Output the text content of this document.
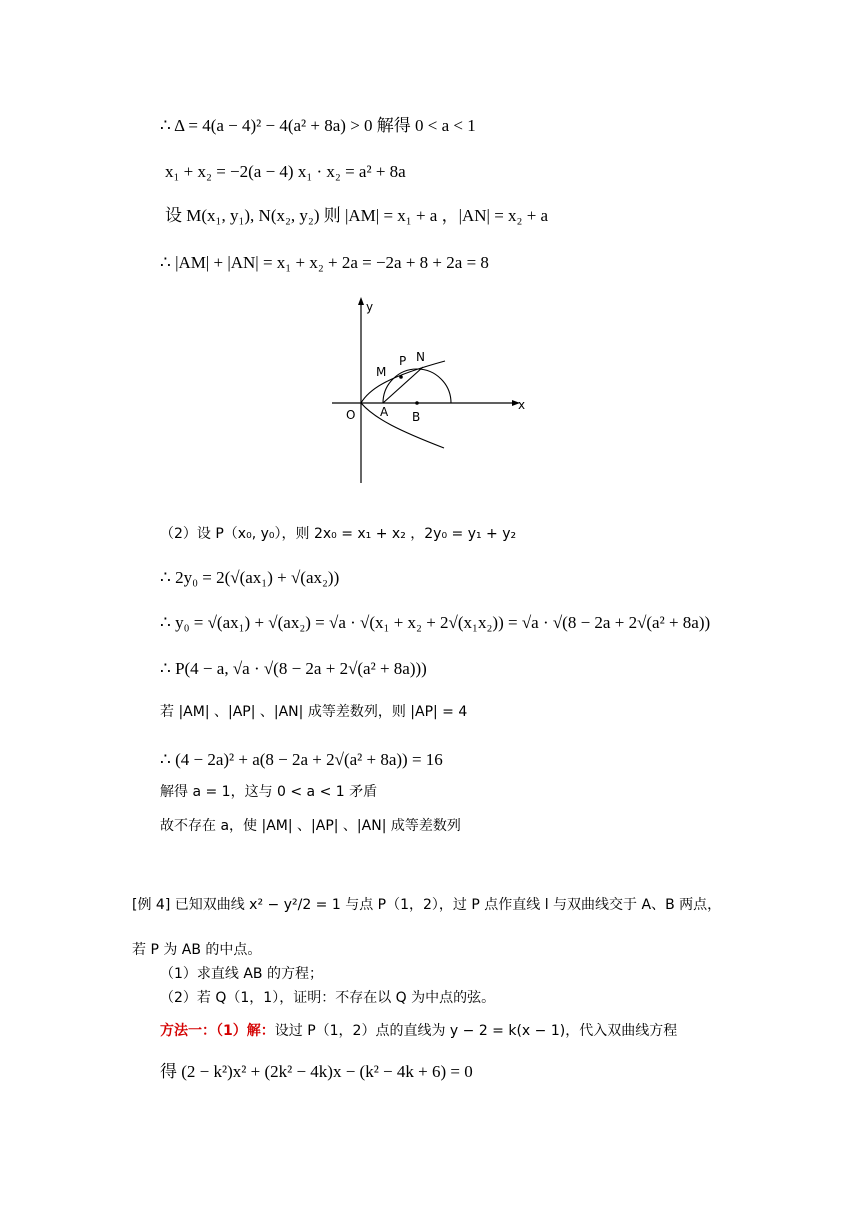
∴ Δ = 4(a − 4)² − 4(a² + 8a) > 0 解得 0 < a < 1
x₁ + x₂ = −2(a − 4) x₁ · x₂ = a² + 8a
设 M(x₁, y₁), N(x₂, y₂) 则 |AM| = x₁ + a ，|AN| = x₂ + a
∴ |AM| + |AN| = x₁ + x₂ + 2a = −2a + 8 + 2a = 8
y
x
O A B
M
P N
（2）设 P（x₀, y₀），则 2x₀ = x₁ + x₂ ，2y₀ = y₁ + y₂
∴ 2y₀ = 2(√(ax₁) + √(ax₂))
∴ y₀ = √(ax₁) + √(ax₂) = √a · √(x₁ + x₂ + 2√(x₁x₂)) = √a · √(8 − 2a + 2√(a² + 8a))
∴ P(4 − a, √a · √(8 − 2a + 2√(a² + 8a)))
若 |AM| 、|AP| 、|AN| 成等差数列，则 |AP| = 4
∴ (4 − 2a)² + a(8 − 2a + 2√(a² + 8a)) = 16
解得 a = 1，这与 0 < a < 1 矛盾
故不存在 a，使 |AM| 、|AP| 、|AN| 成等差数列
[例 4] 已知双曲线 x² − y²/2 = 1 与点 P（1，2），过 P 点作直线 l 与双曲线交于 A、B 两点，
若 P 为 AB 的中点。
（1）求直线 AB 的方程；
（2）若 Q（1，1），证明：不存在以 Q 为中点的弦。
方法一：（1）解：设过 P（1，2）点的直线为 y − 2 = k(x − 1)，代入双曲线方程
得 (2 − k²)x² + (2k² − 4k)x − (k² − 4k + 6) = 0
